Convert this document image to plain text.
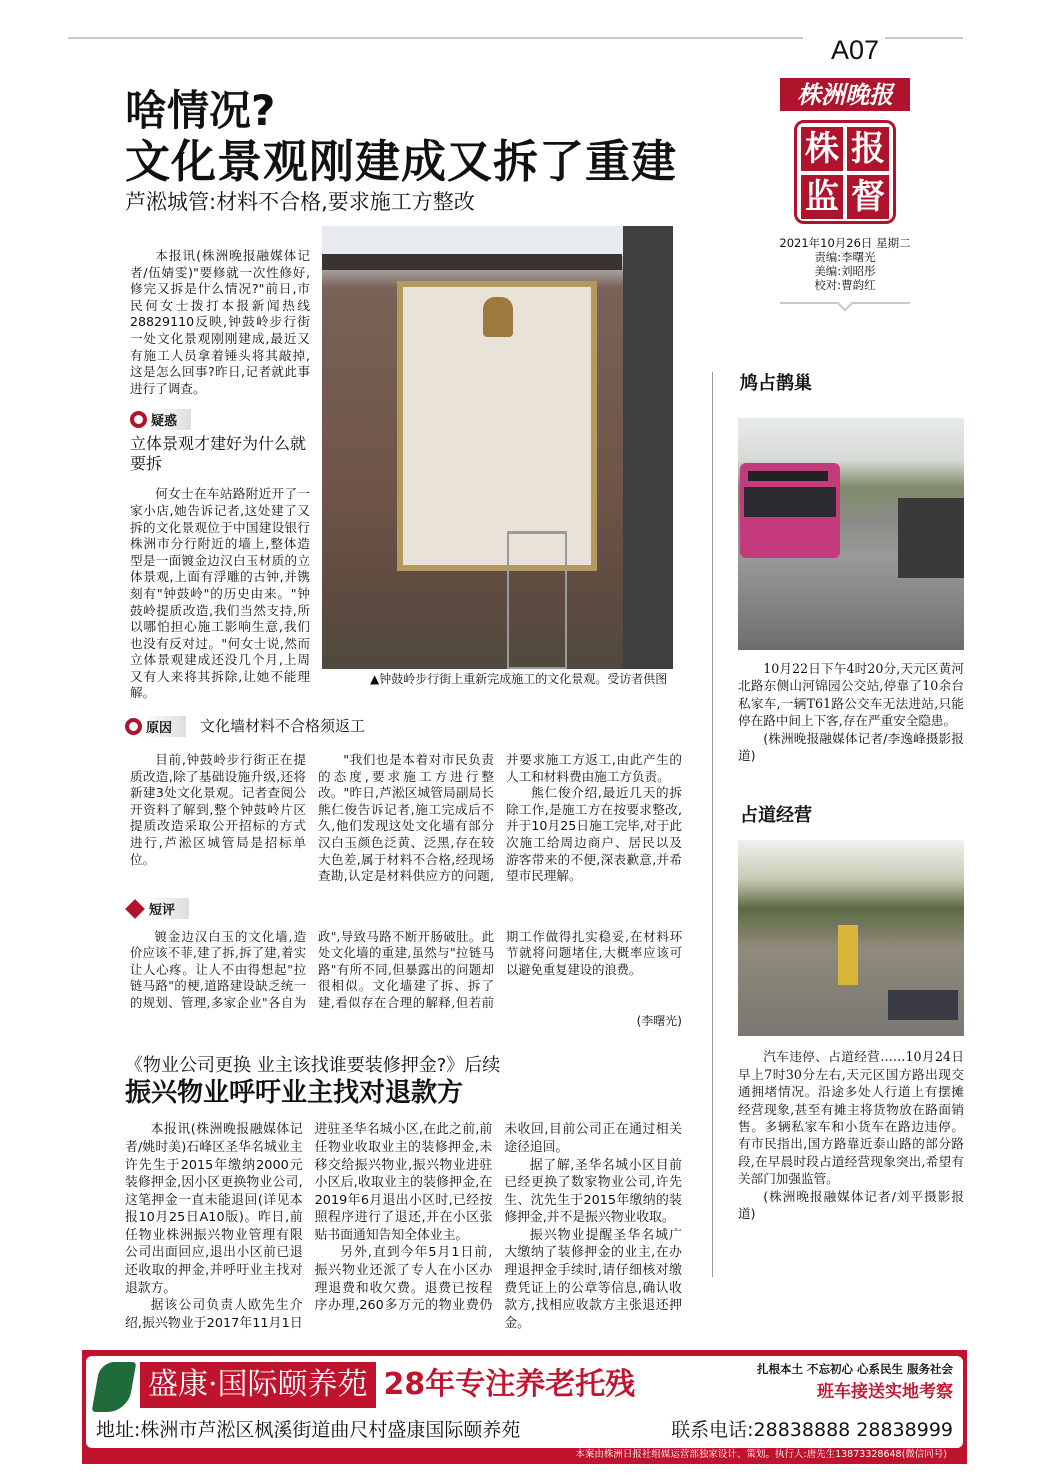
A07
株洲晚报
株 报
监 督
2021年10月26日 星期二
责编:李曙光
美编:刘昭彤
校对:曹韵红
啥情况?
文化景观刚建成又拆了重建
芦淞城管:材料不合格,要求施工方整改

本报讯(株洲晚报融媒体记者/伍婧雯)"要修就一次性修好,修完又拆是什么情况?"前日,市民何女士拨打本报新闻热线28829110反映,钟鼓岭步行街一处文化景观刚刚建成,最近又有施工人员拿着锤头将其敲掉,这是怎么回事?昨日,记者就此事进行了调查。

疑惑
立体景观才建好为什么就要拆

何女士在车站路附近开了一家小店,她告诉记者,这处建了又拆的文化景观位于中国建设银行株洲市分行附近的墙上,整体造型是一面镀金边汉白玉材质的立体景观,上面有浮雕的古钟,并镌刻有"钟鼓岭"的历史由来。"钟鼓岭提质改造,我们当然支持,所以哪怕担心施工影响生意,我们也没有反对过。"何女士说,然而立体景观建成还没几个月,上周又有人来将其拆除,让她不能理解。

▲钟鼓岭步行街上重新完成施工的文化景观。受访者供图
原因	文化墙材料不合格须返工

目前,钟鼓岭步行街正在提质改造,除了基础设施升级,还将新建3处文化景观。记者查阅公开资料了解到,整个钟鼓岭片区提质改造采取公开招标的方式进行,芦淞区城管局是招标单位。

"我们也是本着对市民负责的态度,要求施工方进行整改。"昨日,芦淞区城管局副局长熊仁俊告诉记者,施工完成后不久,他们发现这处文化墙有部分汉白玉颜色泛黄、泛黑,存在较大色差,属于材料不合格,经现场查勘,认定是材料供应方的问题,并要求施工方返工,由此产生的人工和材料费由施工方负责。

熊仁俊介绍,最近几天的拆除工作,是施工方在按要求整改,并于10月25日施工完毕,对于此次施工给周边商户、居民以及游客带来的不便,深表歉意,并希望市民理解。

短评

镀金边汉白玉的文化墙,造价应该不菲,建了拆,拆了建,着实让人心疼。让人不由得想起"拉链马路"的梗,道路建设缺乏统一的规划、管理,多家企业"各自为政",导致马路不断开肠破肚。此处文化墙的重建,虽然与"拉链马路"有所不同,但暴露出的问题却很相似。文化墙建了拆、拆了建,看似存在合理的解释,但若前期工作做得扎实稳妥,在材料环节就将问题堵住,大概率应该可以避免重复建设的浪费。

(李曙光)
《物业公司更换 业主该找谁要装修押金?》后续
振兴物业呼吁业主找对退款方

本报讯(株洲晚报融媒体记者/姚时美)石峰区圣华名城业主许先生于2015年缴纳2000元装修押金,因小区更换物业公司,这笔押金一直未能退回(详见本报10月25日A10版)。昨日,前任物业株洲振兴物业管理有限公司出面回应,退出小区前已退还收取的押金,并呼吁业主找对退款方。

据该公司负责人欧先生介绍,振兴物业于2017年11月1日进驻圣华名城小区,在此之前,前任物业收取业主的装修押金,未移交给振兴物业,振兴物业进驻小区后,收取业主的装修押金,在2019年6月退出小区时,已经按照程序进行了退还,并在小区张贴书面通知告知全体业主。

另外,直到今年5月1日前,振兴物业还派了专人在小区办理退费和收欠费。退费已按程序办理,260多万元的物业费仍未收回,目前公司正在通过相关途径追回。

据了解,圣华名城小区目前已经更换了数家物业公司,许先生、沈先生于2015年缴纳的装修押金,并不是振兴物业收取。

振兴物业提醒圣华名城广大缴纳了装修押金的业主,在办理退押金手续时,请仔细核对缴费凭证上的公章等信息,确认收款方,找相应收款方主张退还押金。

鸠占鹊巢

10月22日下午4时20分,天元区黄河北路东侧山河锦园公交站,停靠了10余台私家车,一辆T61路公交车无法进站,只能停在路中间上下客,存在严重安全隐患。

(株洲晚报融媒体记者/李逸峰摄影报道)

占道经营

汽车违停、占道经营……10月24日早上7时30分左右,天元区国方路出现交通拥堵情况。沿途多处人行道上有摆摊经营现象,甚至有摊主将货物放在路面销售。多辆私家车和小货车在路边违停。有市民指出,国方路靠近泰山路的部分路段,在早晨时段占道经营现象突出,希望有关部门加强监管。

(株洲晚报融媒体记者/刘平摄影报道)

盛康·国际颐养苑 28年专注养老托残	扎根本土 不忘初心 心系民生 服务社会
班车接送实地考察
地址:株洲市芦淞区枫溪街道曲尺村盛康国际颐养苑	联系电话:28838888 28838999
本案由株洲日报社组媒运营部独家设计、策划。执行人:唐先生13873328648(微信同号)
